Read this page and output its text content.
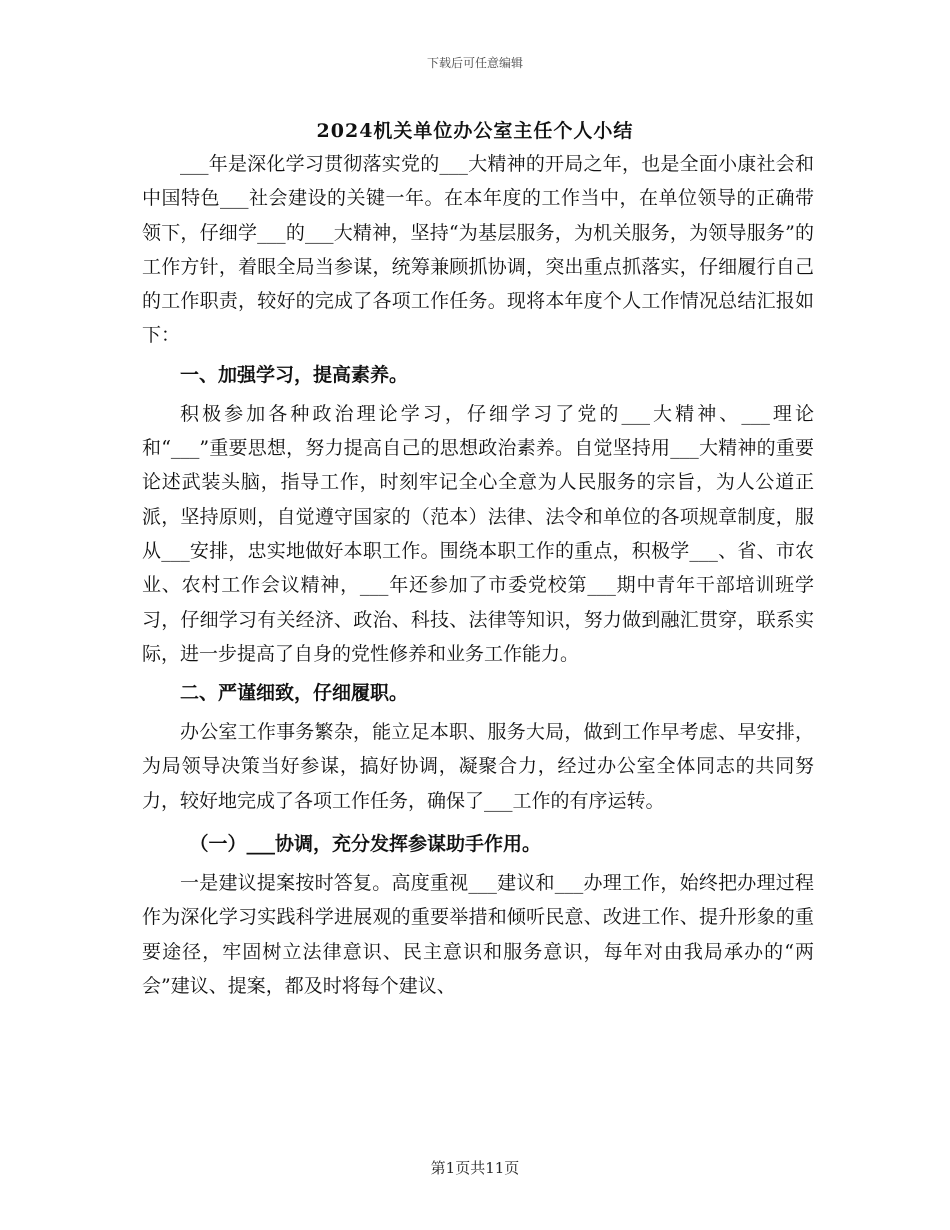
下载后可任意编辑
2024机关单位办公室主任个人小结

___年是深化学习贯彻落实党的___大精神的开局之年，也是全面小康社会和中国特色___社会建设的关键一年。在本年度的工作当中，在单位领导的正确带领下，仔细学___的___大精神，坚持“为基层服务，为机关服务，为领导服务”的工作方针，着眼全局当参谋，统筹兼顾抓协调，突出重点抓落实，仔细履行自己的工作职责，较好的完成了各项工作任务。现将本年度个人工作情况总结汇报如下：

一、加强学习，提高素养。

积极参加各种政治理论学习，仔细学习了党的___大精神、___理论和“___”重要思想，努力提高自己的思想政治素养。自觉坚持用___大精神的重要论述武装头脑，指导工作，时刻牢记全心全意为人民服务的宗旨，为人公道正派，坚持原则，自觉遵守国家的（范本）法律、法令和单位的各项规章制度，服从___安排，忠实地做好本职工作。围绕本职工作的重点，积极学___、省、市农业、农村工作会议精神，___年还参加了市委党校第___期中青年干部培训班学习，仔细学习有关经济、政治、科技、法律等知识，努力做到融汇贯穿，联系实际，进一步提高了自身的党性修养和业务工作能力。

二、严谨细致，仔细履职。

办公室工作事务繁杂，能立足本职、服务大局，做到工作早考虑、早安排，为局领导决策当好参谋，搞好协调，凝聚合力，经过办公室全体同志的共同努力，较好地完成了各项工作任务，确保了___工作的有序运转。

（一）___协调，充分发挥参谋助手作用。

一是建议提案按时答复。高度重视___建议和___办理工作，始终把办理过程作为深化学习实践科学进展观的重要举措和倾听民意、改进工作、提升形象的重要途径，牢固树立法律意识、民主意识和服务意识，每年对由我局承办的“两会”建议、提案，都及时将每个建议、

第1页共11页
